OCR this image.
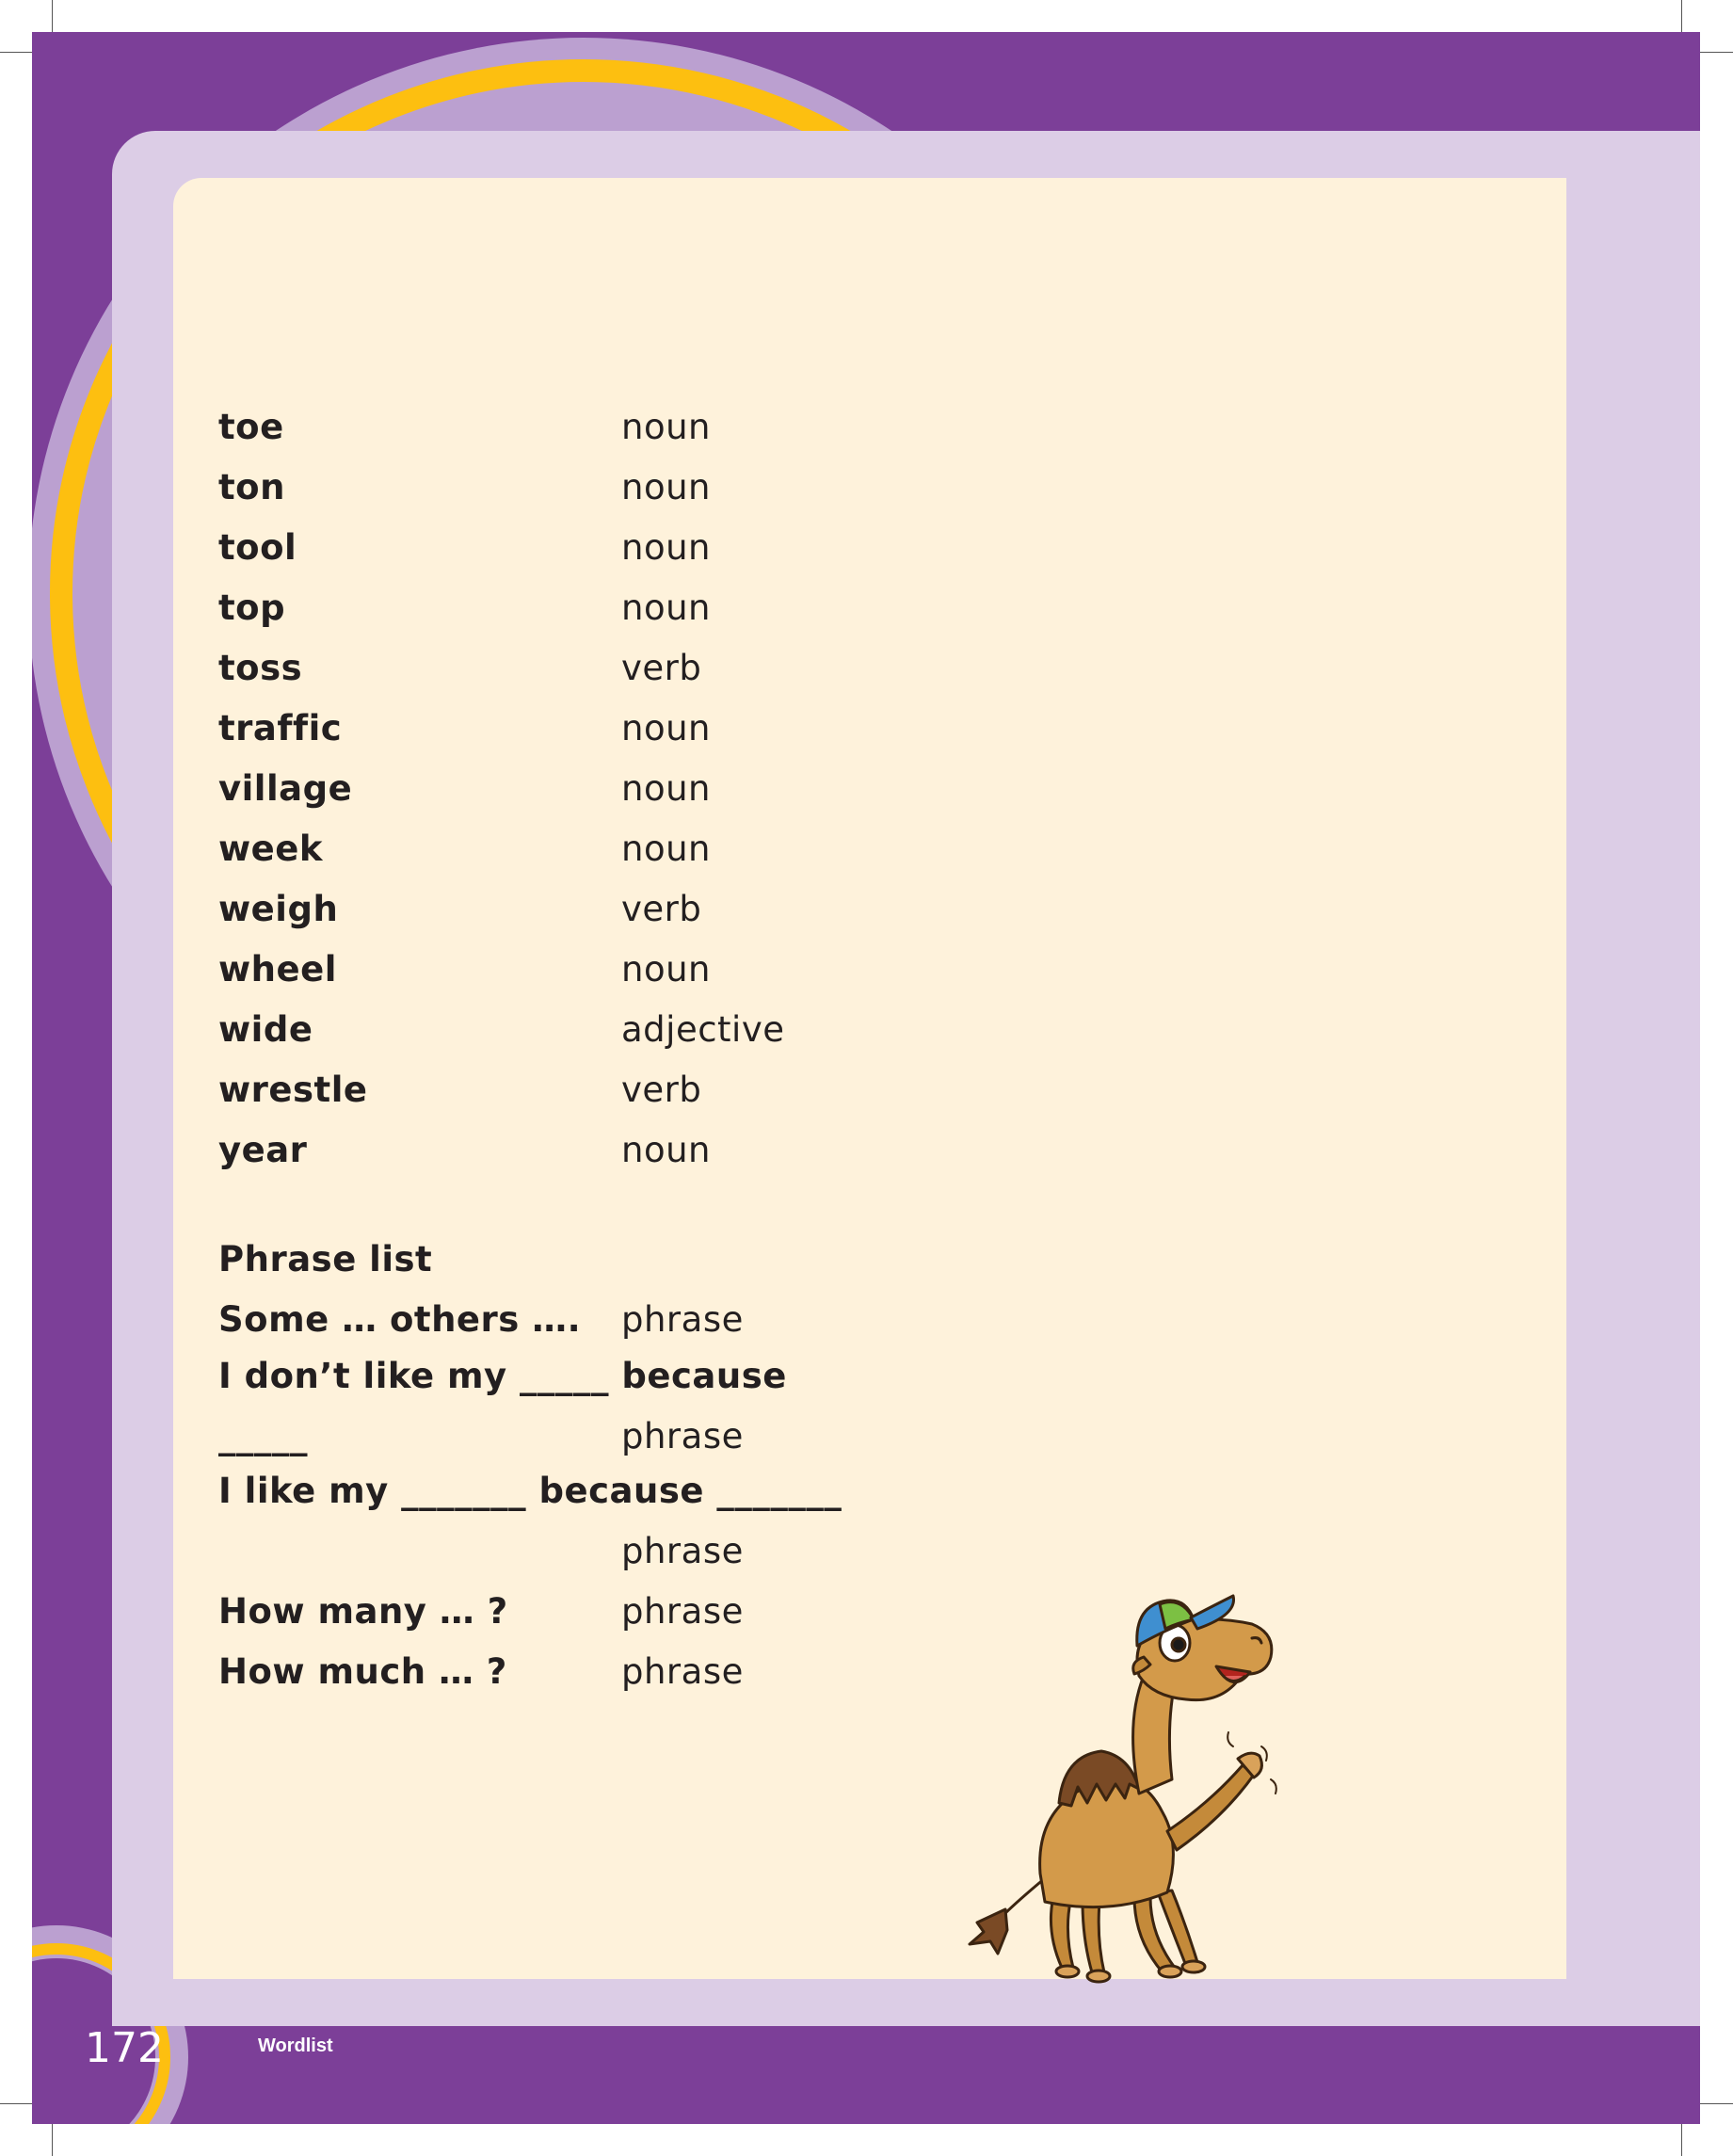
toe	noun
ton	noun
tool	noun
top	noun
toss	verb
traffic	noun
village	noun
week	noun
weigh	verb
wheel	noun
wide	adjective
wrestle	verb
year	noun
Phrase list
Some … others …. phrase
I don’t like my _____ because
_____	phrase
I like my _______ because _______
phrase
How many … ?	phrase
How much … ?	phrase
172	Wordlist
